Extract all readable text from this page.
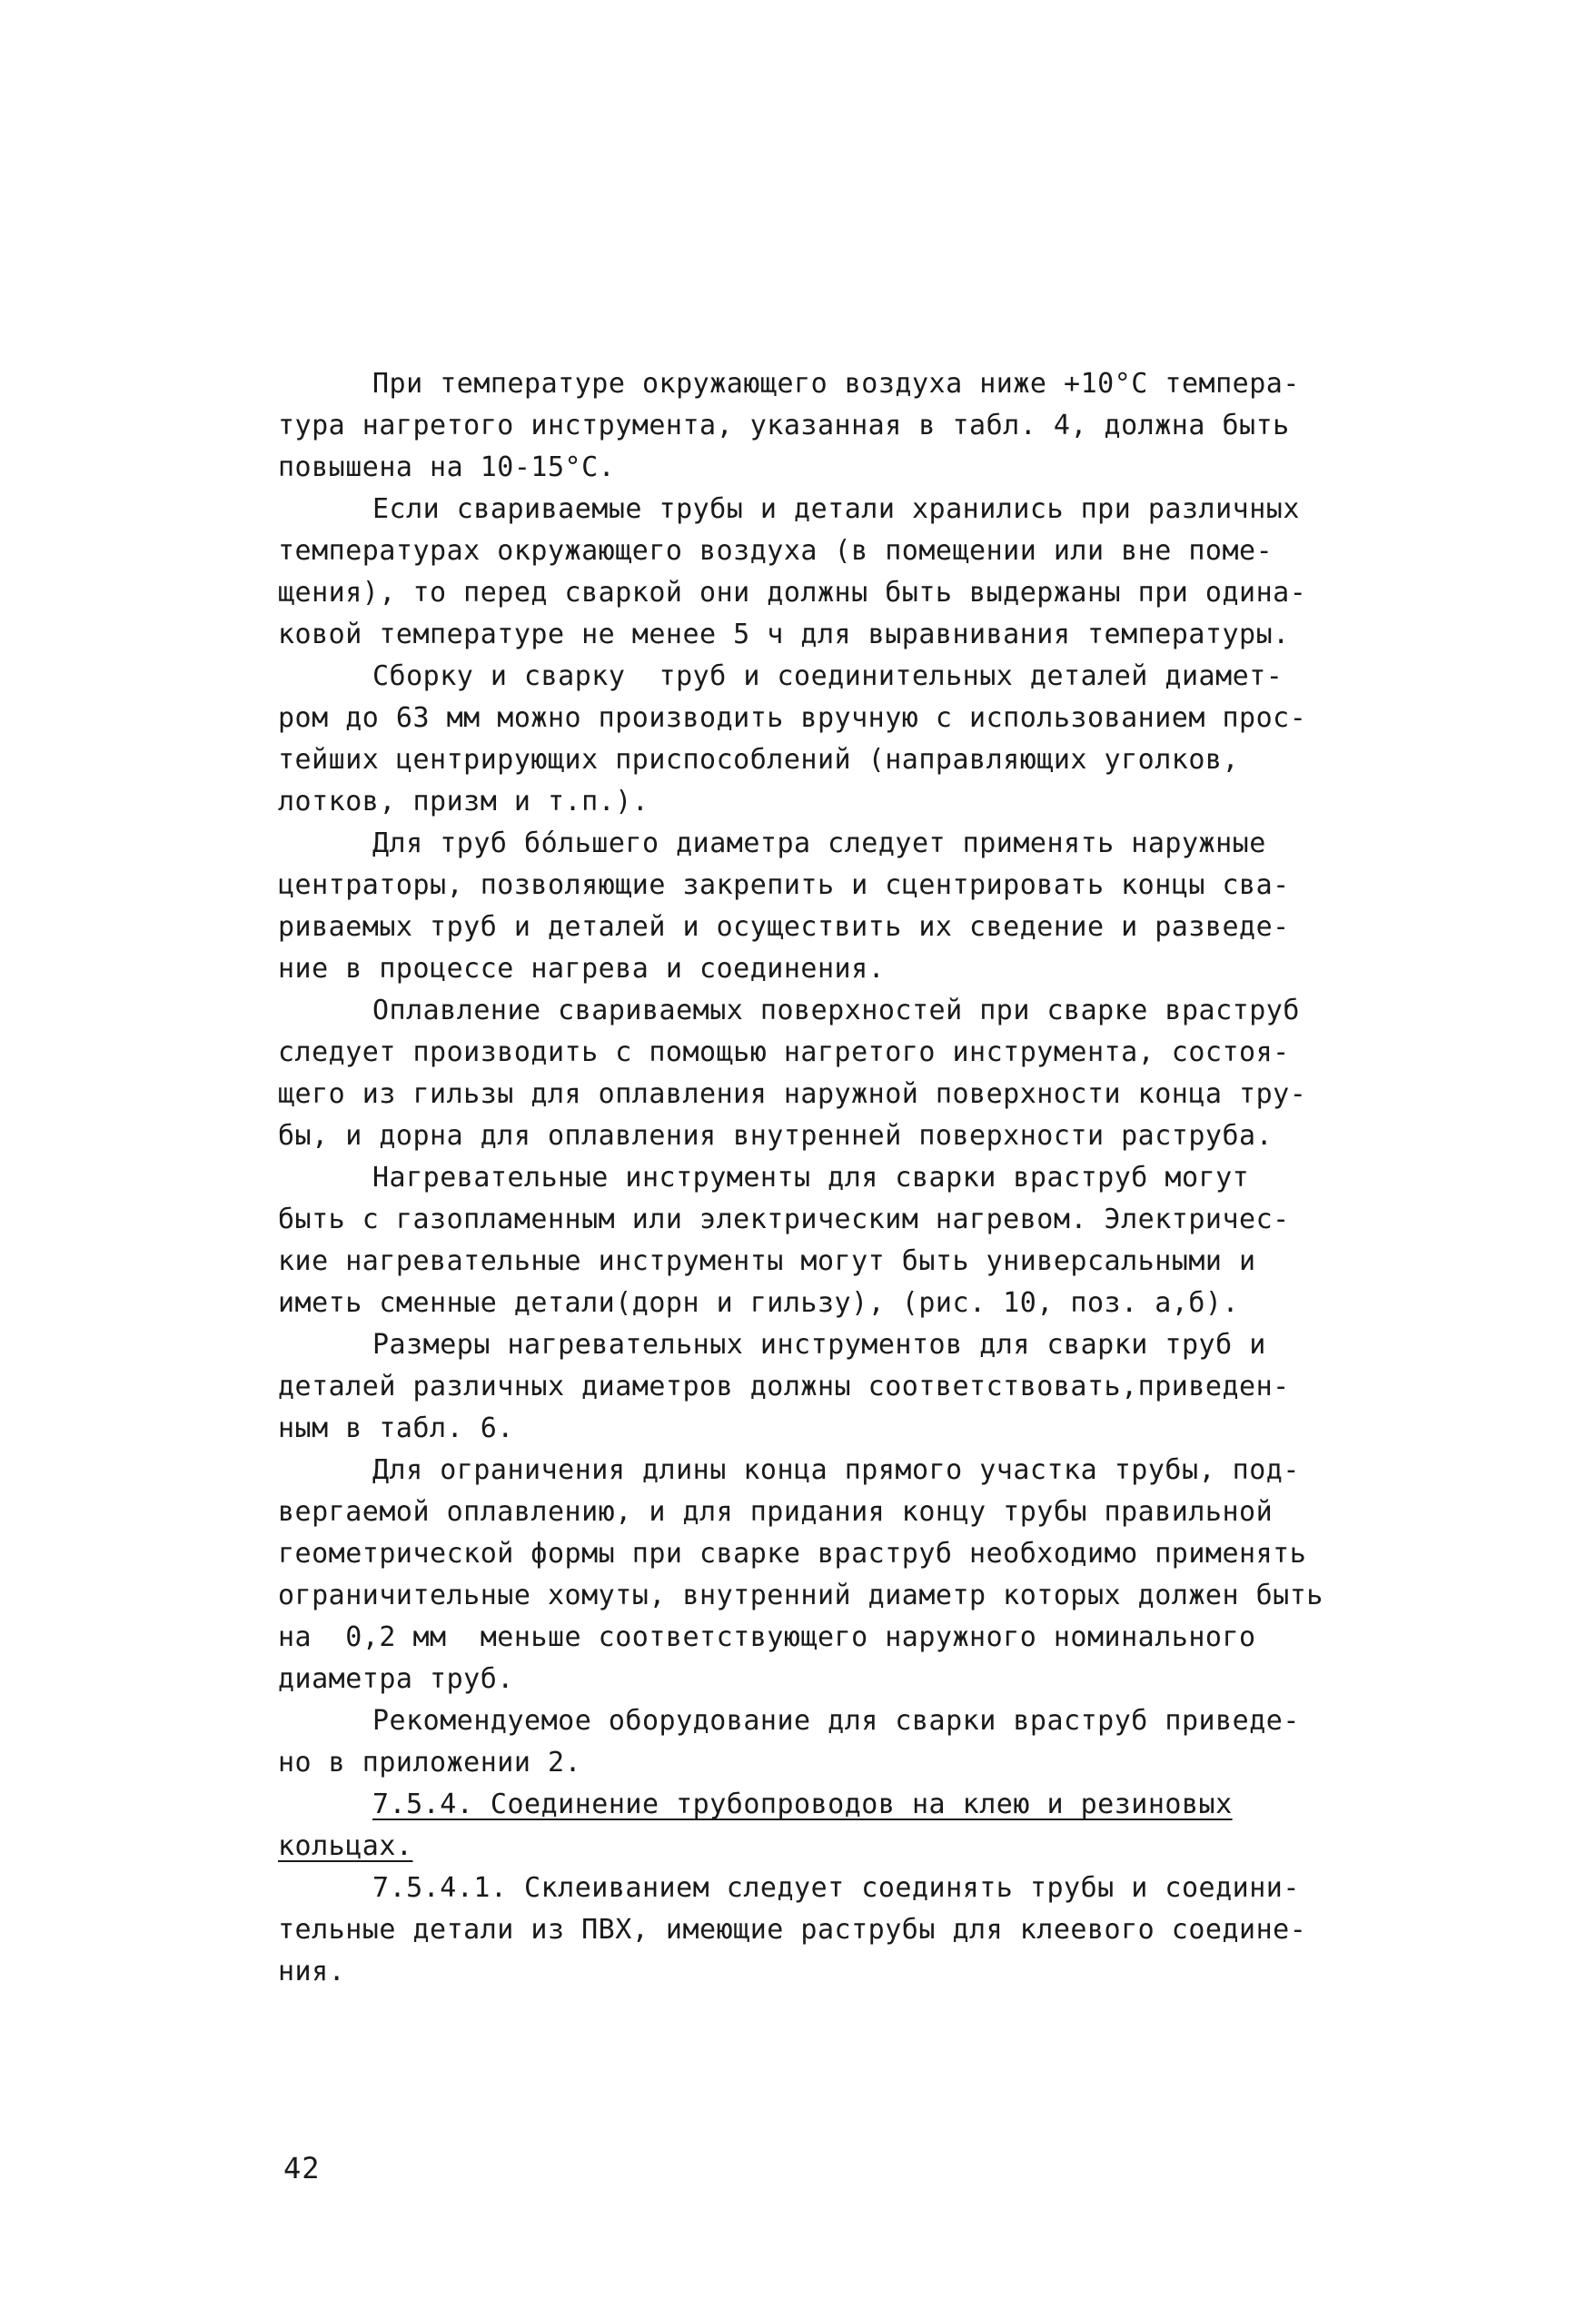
При температуре окружающего воздуха ниже +10°C темпера-
тура нагретого инструмента, указанная в табл. 4, должна быть
повышена на 10-15°C.
Если свариваемые трубы и детали хранились при различных
температурах окружающего воздуха (в помещении или вне поме-
щения), то перед сваркой они должны быть выдержаны при одина-
ковой температуре не менее 5 ч для выравнивания температуры.
Сборку и сварку  труб и соединительных деталей диамет-
ром до 63 мм можно производить вручную с использованием прос-
тейших центрирующих приспособлений (направляющих уголков,
лотков, призм и т.п.).
Для труб бо́льшего диаметра следует применять наружные
центраторы, позволяющие закрепить и сцентрировать концы сва-
риваемых труб и деталей и осуществить их сведение и разведе-
ние в процессе нагрева и соединения.
Оплавление свариваемых поверхностей при сварке враструб
следует производить с помощью нагретого инструмента, состоя-
щего из гильзы для оплавления наружной поверхности конца тру-
бы, и дорна для оплавления внутренней поверхности раструба.
Нагревательные инструменты для сварки враструб могут
быть с газопламенным или электрическим нагревом. Электричес-
кие нагревательные инструменты могут быть универсальными и
иметь сменные детали(дорн и гильзу), (рис. 10, поз. а,б).
Размеры нагревательных инструментов для сварки труб и
деталей различных диаметров должны соответствовать,приведен-
ным в табл. 6.
Для ограничения длины конца прямого участка трубы, под-
вергаемой оплавлению, и для придания концу трубы правильной
геометрической формы при сварке враструб необходимо применять
ограничительные хомуты, внутренний диаметр которых должен быть
на  0,2 мм  меньше соответствующего наружного номинального
диаметра труб.
Рекомендуемое оборудование для сварки враструб приведе-
но в приложении 2.
7.5.4. Соединение трубопроводов на клею и резиновых
кольцах.
7.5.4.1. Склеиванием следует соединять трубы и соедини-
тельные детали из ПВХ, имеющие раструбы для клеевого соедине-
ния.
42
